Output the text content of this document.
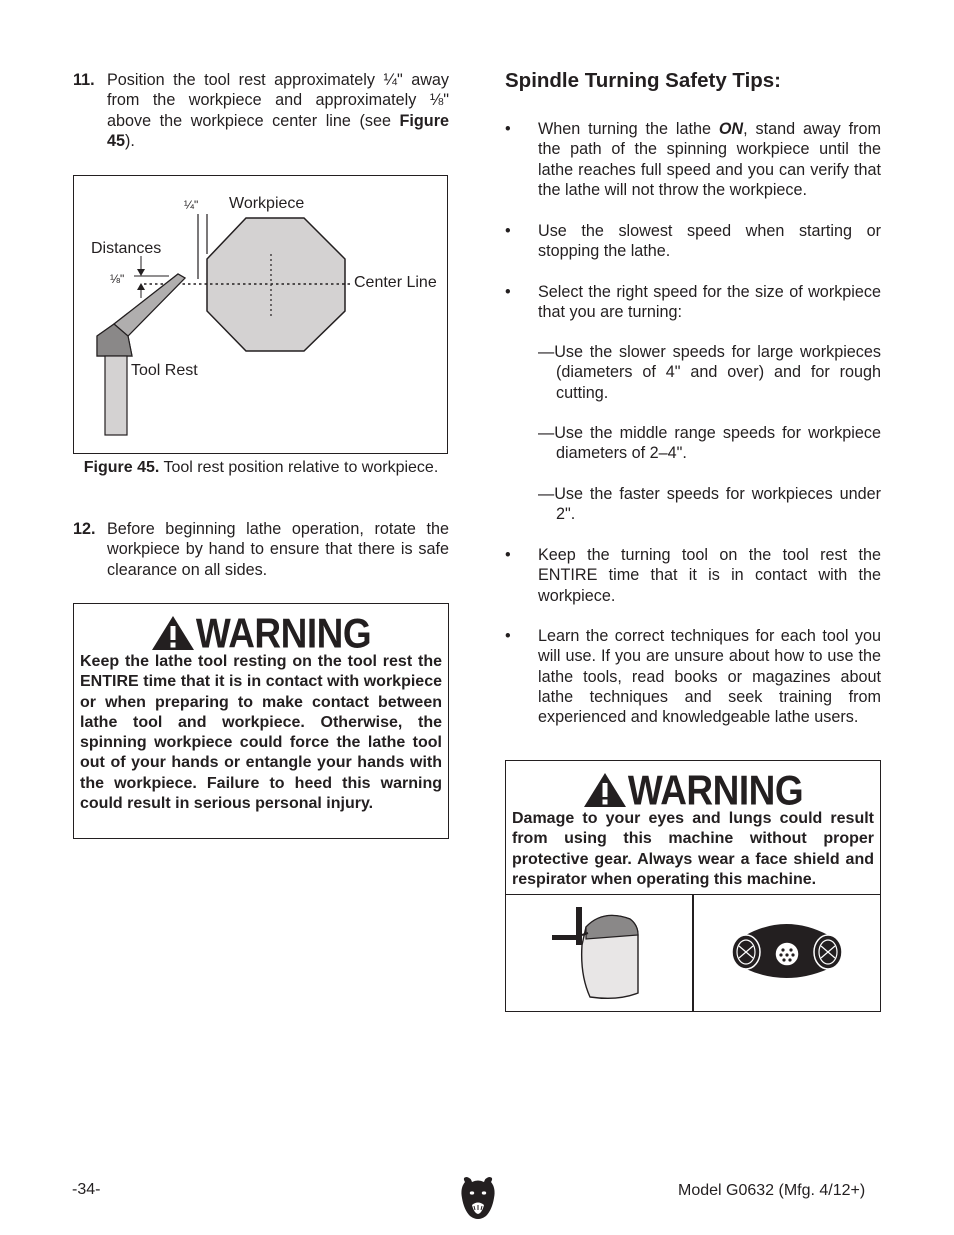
11. Position the tool rest approximately ¼" away from the workpiece and approximately ⅛" above the workpiece center line (see Figure 45).
¼" Workpiece
Distances
⅛"	Center Line
Tool Rest
Figure 45. Tool rest position relative to workpiece.
12. Before beginning lathe operation, rotate the workpiece by hand to ensure that there is safe clearance on all sides.
WARNING
Keep the lathe tool resting on the tool rest the ENTIRE time that it is in contact with workpiece or when preparing to make contact between lathe tool and workpiece. Otherwise, the spinning workpiece could force the lathe tool out of your hands or entangle your hands with the workpiece. Failure to heed this warning could result in serious personal injury.
Spindle Turning Safety Tips:
• When turning the lathe ON, stand away from the path of the spinning workpiece until the lathe reaches full speed and you can verify that the lathe will not throw the workpiece.
• Use the slowest speed when starting or stopping the lathe.
• Select the right speed for the size of workpiece that you are turning:
—Use the slower speeds for large workpieces (diameters of 4" and over) and for rough cutting.
—Use the middle range speeds for workpiece diameters of 2–4".
—Use the faster speeds for workpieces under 2".
• Keep the turning tool on the tool rest the ENTIRE time that it is in contact with the workpiece.
• Learn the correct techniques for each tool you will use. If you are unsure about how to use the lathe tools, read books or magazines about lathe techniques and seek training from experienced and knowledgeable lathe users.
WARNING
Damage to your eyes and lungs could result from using this machine without proper protective gear. Always wear a face shield and respirator when operating this machine.
-34-	Model G0632 (Mfg. 4/12+)
